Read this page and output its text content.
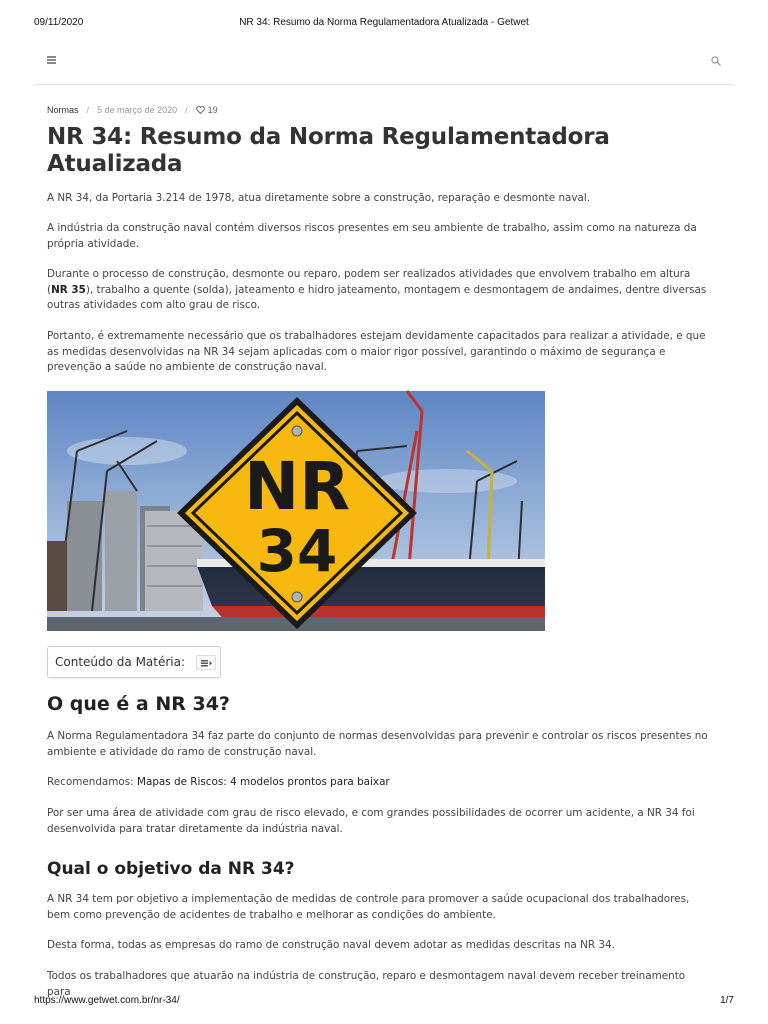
09/11/2020	NR 34: Resumo da Norma Regulamentadora Atualizada - Getwet
Normas / 5 de março de 2020 / 19
NR 34: Resumo da Norma Regulamentadora Atualizada

A NR 34, da Portaria 3.214 de 1978, atua diretamente sobre a construção, reparação e desmonte naval.

A indústria da construção naval contém diversos riscos presentes em seu ambiente de trabalho, assim como na natureza da própria atividade.

Durante o processo de construção, desmonte ou reparo, podem ser realizados atividades que envolvem trabalho em altura (NR 35), trabalho a quente (solda), jateamento e hidro jateamento, montagem e desmontagem de andaimes, dentre diversas outras atividades com alto grau de risco.

Portanto, é extremamente necessário que os trabalhadores estejam devidamente capacitados para realizar a atividade, e que as medidas desenvolvidas na NR 34 sejam aplicadas com o maior rigor possível, garantindo o máximo de segurança e prevenção a saúde no ambiente de construção naval.

NR
34
Conteúdo da Matéria:
O que é a NR 34?

A Norma Regulamentadora 34 faz parte do conjunto de normas desenvolvidas para prevenir e controlar os riscos presentes no ambiente e atividade do ramo de construção naval.

Recomendamos: Mapas de Riscos: 4 modelos prontos para baixar

Por ser uma área de atividade com grau de risco elevado, e com grandes possibilidades de ocorrer um acidente, a NR 34 foi desenvolvida para tratar diretamente da indústria naval.

Qual o objetivo da NR 34?

A NR 34 tem por objetivo a implementação de medidas de controle para promover a saúde ocupacional dos trabalhadores, bem como prevenção de acidentes de trabalho e melhorar as condições do ambiente.

Desta forma, todas as empresas do ramo de construção naval devem adotar as medidas descritas na NR 34.

Todos os trabalhadores que atuarão na indústria de construção, reparo e desmontagem naval devem receber treinamento para

https://www.getwet.com.br/nr-34/	1/7
